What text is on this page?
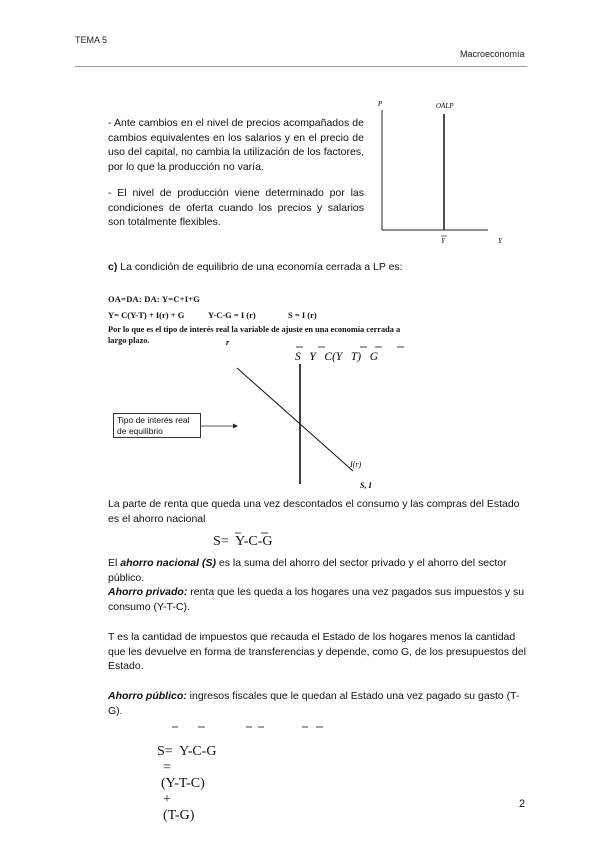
TEMA 5
Macroeconomía
- Ante cambios en el nivel de precios acompañados de cambios equivalentes en los salarios y en el precio de uso del capital, no cambia la utilización de los factores, por lo que la producción no varía.
- El nivel de producción viene determinado por las condiciones de oferta cuando los precios y salarios son totalmente flexibles.
P	OALP
Y	Y
c) La condición de equilibrio de una economía cerrada a LP es:
OA=DA: DA: Y=C+I+G
Y= C(Y-T) + I(r) + G	Y-C-G = I (r)	S = I (r)
Por lo que es el tipo de interés real la variable de ajuste en una economía cerrada a largo plazo.	r
S   Y   C(Y   T)   G
I(r)
S, I
Tipo de interés real de equilibrio
La parte de renta que queda una vez descontados el consumo y las compras del Estado es el ahorro nacional
S=  Y-C-G
El ahorro nacional (S) es la suma del ahorro del sector privado y el ahorro del sector público.
Ahorro privado: renta que les queda a los hogares una vez pagados sus impuestos y su consumo (Y-T-C).
T es la cantidad de impuestos que recauda el Estado de los hogares menos la cantidad que les devuelve en forma de transferencias y depende, como G, de los presupuestos del Estado.
Ahorro público: ingresos fiscales que le quedan al Estado una vez pagado su gasto (T-G).

S=  Y-C-G
=
(Y-T-C)
+
(T-G)

2
